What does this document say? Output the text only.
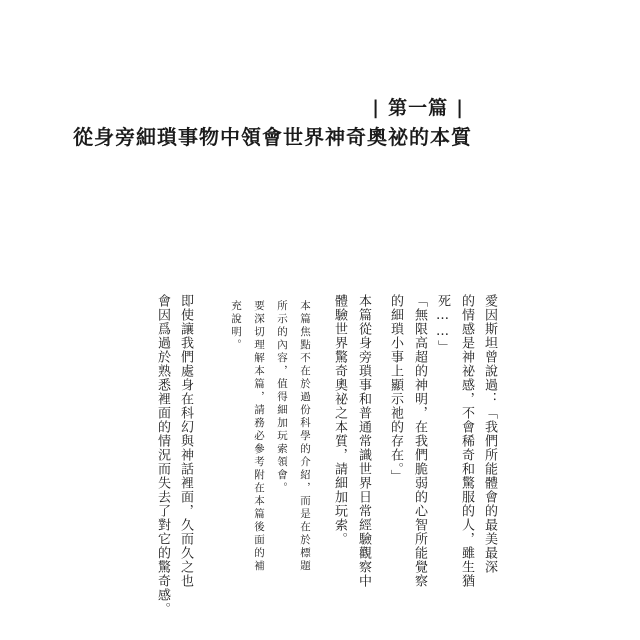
| 第一篇 |
從身旁細瑣事物中領會世界神奇奧祕的本質
愛因斯坦曾說過：「我們所能體會的最美最深
的情感是神祕感，不會稀奇和驚服的人，雖生猶
死……」
「無限高超的神明，在我們脆弱的心智所能覺察
的細瑣小事上顯示祂的存在。」
本篇從身旁瑣事和普通常識世界日常經驗觀察中
體驗世界驚奇奧祕之本質，請細加玩索。
本篇焦點不在於過份科學的介紹，而是在於標題
所示的內容，值得細加玩索領會。
要深切理解本篇，請務必參考附在本篇後面的補
充說明。
即使讓我們處身在科幻與神話裡面，久而久之也
會因爲過於熟悉裡面的情況而失去了對它的驚奇感。
